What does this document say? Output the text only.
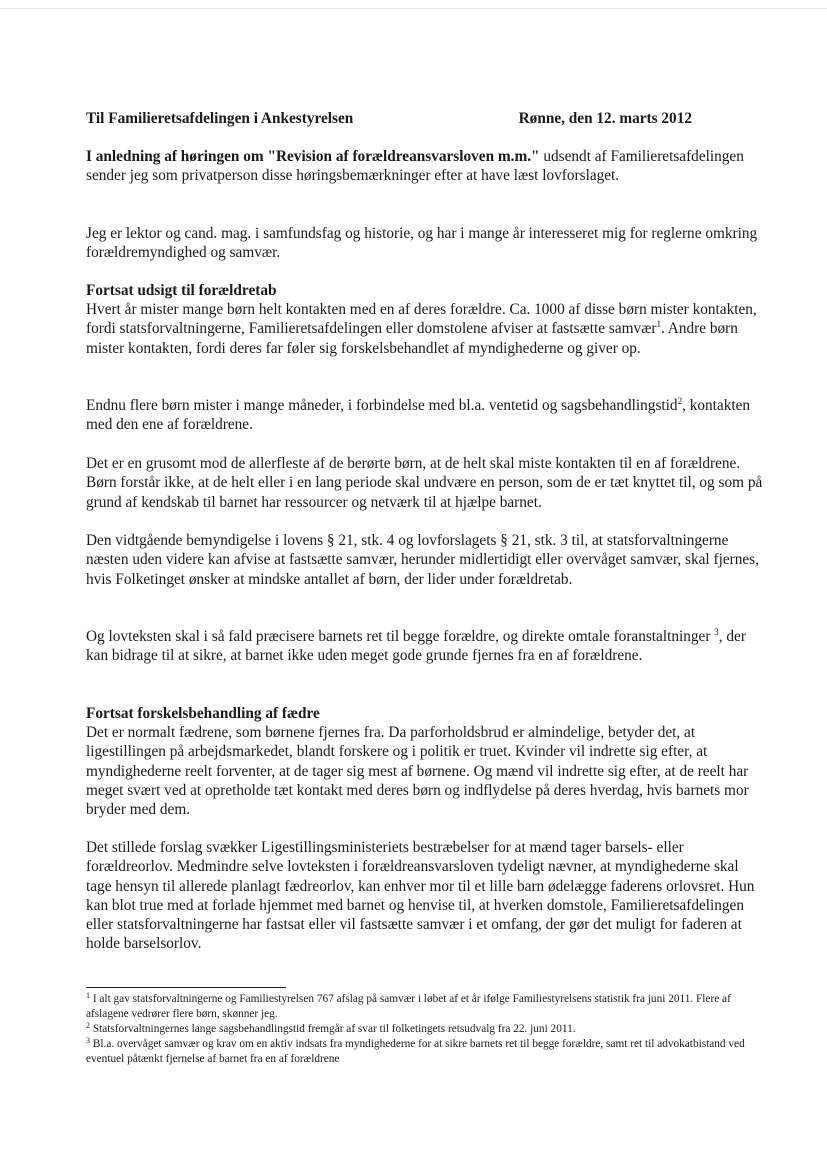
Til Familieretsafdelingen i Ankestyrelsen	Rønne, den 12. marts 2012

I anledning af høringen om "Revision af forældreansvarsloven m.m." udsendt af Familieretsafdelingen sender jeg som privatperson disse høringsbemærkninger efter at have læst lovforslaget.

Jeg er lektor og cand. mag. i samfundsfag og historie, og har i mange år interesseret mig for reglerne omkring forældremyndighed og samvær.

Fortsat udsigt til forældretab

Hvert år mister mange børn helt kontakten med en af deres forældre. Ca. 1000 af disse børn mister kontakten, fordi statsforvaltningerne, Familieretsafdelingen eller domstolene afviser at fastsætte samvær$^1$. Andre børn mister kontakten, fordi deres far føler sig forskelsbehandlet af myndighederne og giver op.

Endnu flere børn mister i mange måneder, i forbindelse med bl.a. ventetid og sagsbehandlingstid$^2$, kontakten med den ene af forældrene.

Det er en grusomt mod de allerfleste af de berørte børn, at de helt skal miste kontakten til en af forældrene. Børn forstår ikke, at de helt eller i en lang periode skal undvære en person, som de er tæt knyttet til, og som på grund af kendskab til barnet har ressourcer og netværk til at hjælpe barnet.

Den vidtgående bemyndigelse i lovens § 21, stk. 4 og lovforslagets § 21, stk. 3 til, at statsforvaltningerne næsten uden videre kan afvise at fastsætte samvær, herunder midlertidigt eller overvåget samvær, skal fjernes, hvis Folketinget ønsker at mindske antallet af børn, der lider under forældretab.

Og lovteksten skal i så fald præcisere barnets ret til begge forældre, og direkte omtale foranstaltninger $^3$, der kan bidrage til at sikre, at barnet ikke uden meget gode grunde fjernes fra en af forældrene.

Fortsat forskelsbehandling af fædre

Det er normalt fædrene, som børnene fjernes fra. Da parforholdsbrud er almindelige, betyder det, at ligestillingen på arbejdsmarkedet, blandt forskere og i politik er truet. Kvinder vil indrette sig efter, at myndighederne reelt forventer, at de tager sig mest af børnene. Og mænd vil indrette sig efter, at de reelt har meget svært ved at opretholde tæt kontakt med deres børn og indflydelse på deres hverdag, hvis barnets mor bryder med dem.

Det stillede forslag svækker Ligestillingsministeriets bestræbelser for at mænd tager barsels- eller forældreorlov. Medmindre selve lovteksten i forældreansvarsloven tydeligt nævner, at myndighederne skal tage hensyn til allerede planlagt fædreorlov, kan enhver mor til et lille barn ødelægge faderens orlovsret. Hun kan blot true med at forlade hjemmet med barnet og henvise til, at hverken domstole, Familieretsafdelingen eller statsforvaltningerne har fastsat eller vil fastsætte samvær i et omfang, der gør det muligt for faderen at holde barselsorlov.

$^1$ I alt gav statsforvaltningerne og Familiestyrelsen 767 afslag på samvær i løbet af et år ifølge Familiestyrelsens statistik fra juni 2011. Flere af afslagene vedrører flere børn, skønner jeg.

$^2$ Statsforvaltningernes lange sagsbehandlingstid fremgår af svar til folketingets retsudvalg fra 22. juni 2011.

$^3$ Bl.a. overvåget samvær og krav om en aktiv indsats fra myndighederne for at sikre barnets ret til begge forældre, samt ret til advokatbistand ved eventuel påtænkt fjernelse af barnet fra en af forældrene
